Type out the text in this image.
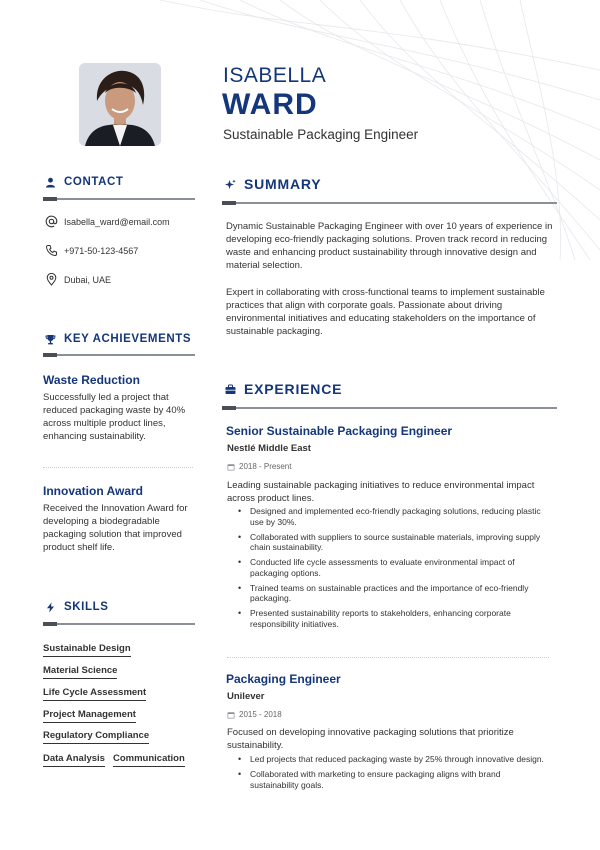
ISABELLA
WARD
Sustainable Packaging Engineer
CONTACT
Isabella_ward@email.com
+971-50-123-4567
Dubai, UAE
KEY ACHIEVEMENTS
Waste Reduction
Successfully led a project that reduced packaging waste by 40% across multiple product lines, enhancing sustainability.
Innovation Award
Received the Innovation Award for developing a biodegradable packaging solution that improved product shelf life.
SKILLS
Sustainable Design
Material Science
Life Cycle Assessment
Project Management
Regulatory Compliance
Data Analysis Communication
SUMMARY
Dynamic Sustainable Packaging Engineer with over 10 years of experience in developing eco-friendly packaging solutions. Proven track record in reducing waste and enhancing product sustainability through innovative design and material selection.
Expert in collaborating with cross-functional teams to implement sustainable practices that align with corporate goals. Passionate about driving environmental initiatives and educating stakeholders on the importance of sustainable packaging.
EXPERIENCE
Senior Sustainable Packaging Engineer
Nestlé Middle East
2018 - Present
Leading sustainable packaging initiatives to reduce environmental impact across product lines.
• Designed and implemented eco-friendly packaging solutions, reducing plastic use by 30%.
• Collaborated with suppliers to source sustainable materials, improving supply chain sustainability.
• Conducted life cycle assessments to evaluate environmental impact of packaging options.
• Trained teams on sustainable practices and the importance of eco-friendly packaging.
• Presented sustainability reports to stakeholders, enhancing corporate responsibility initiatives.
Packaging Engineer
Unilever
2015 - 2018
Focused on developing innovative packaging solutions that prioritize sustainability.
• Led projects that reduced packaging waste by 25% through innovative design.
• Collaborated with marketing to ensure packaging aligns with brand sustainability goals.
